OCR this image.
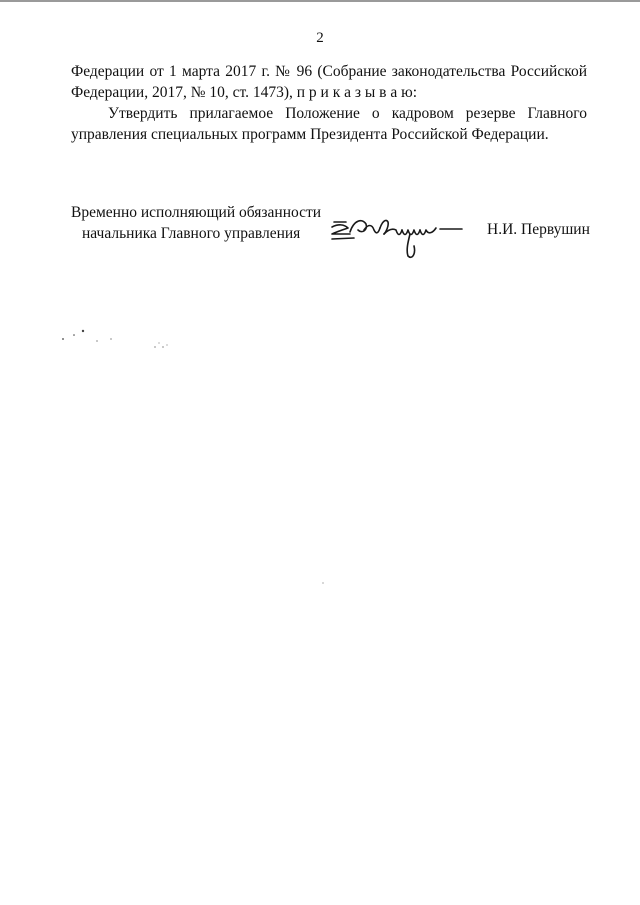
2
Федерации от 1 марта 2017 г. № 96 (Собрание законодательства Российской
Федерации, 2017, № 10, ст. 1473), п р и к а з ы в а ю:
Утвердить прилагаемое Положение о кадровом резерве Главного
управления специальных программ Президента Российской Федерации.
Временно исполняющий обязанности
начальника Главного управления	Н.И. Первушин
